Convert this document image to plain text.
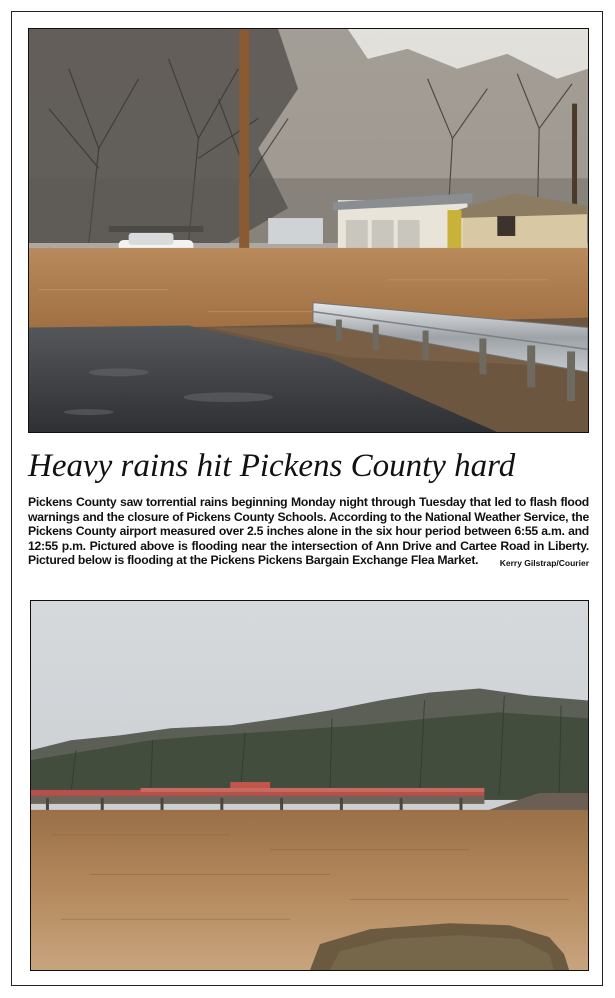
Heavy rains hit Pickens County hard

Pickens County saw torrential rains beginning Monday night through Tuesday that led to flash flood warnings and the closure of Pickens County Schools. According to the National Weather Service, the Pickens County airport measured over 2.5 inches alone in the six hour period between 6:55 a.m. and 12:55 p.m. Pictured above is flooding near the intersection of Ann Drive and Cartee Road in Liberty. Pictured below is flooding at the Pickens Pickens Bargain Exchange Flea Market.	Kerry Gilstrap/Courier
